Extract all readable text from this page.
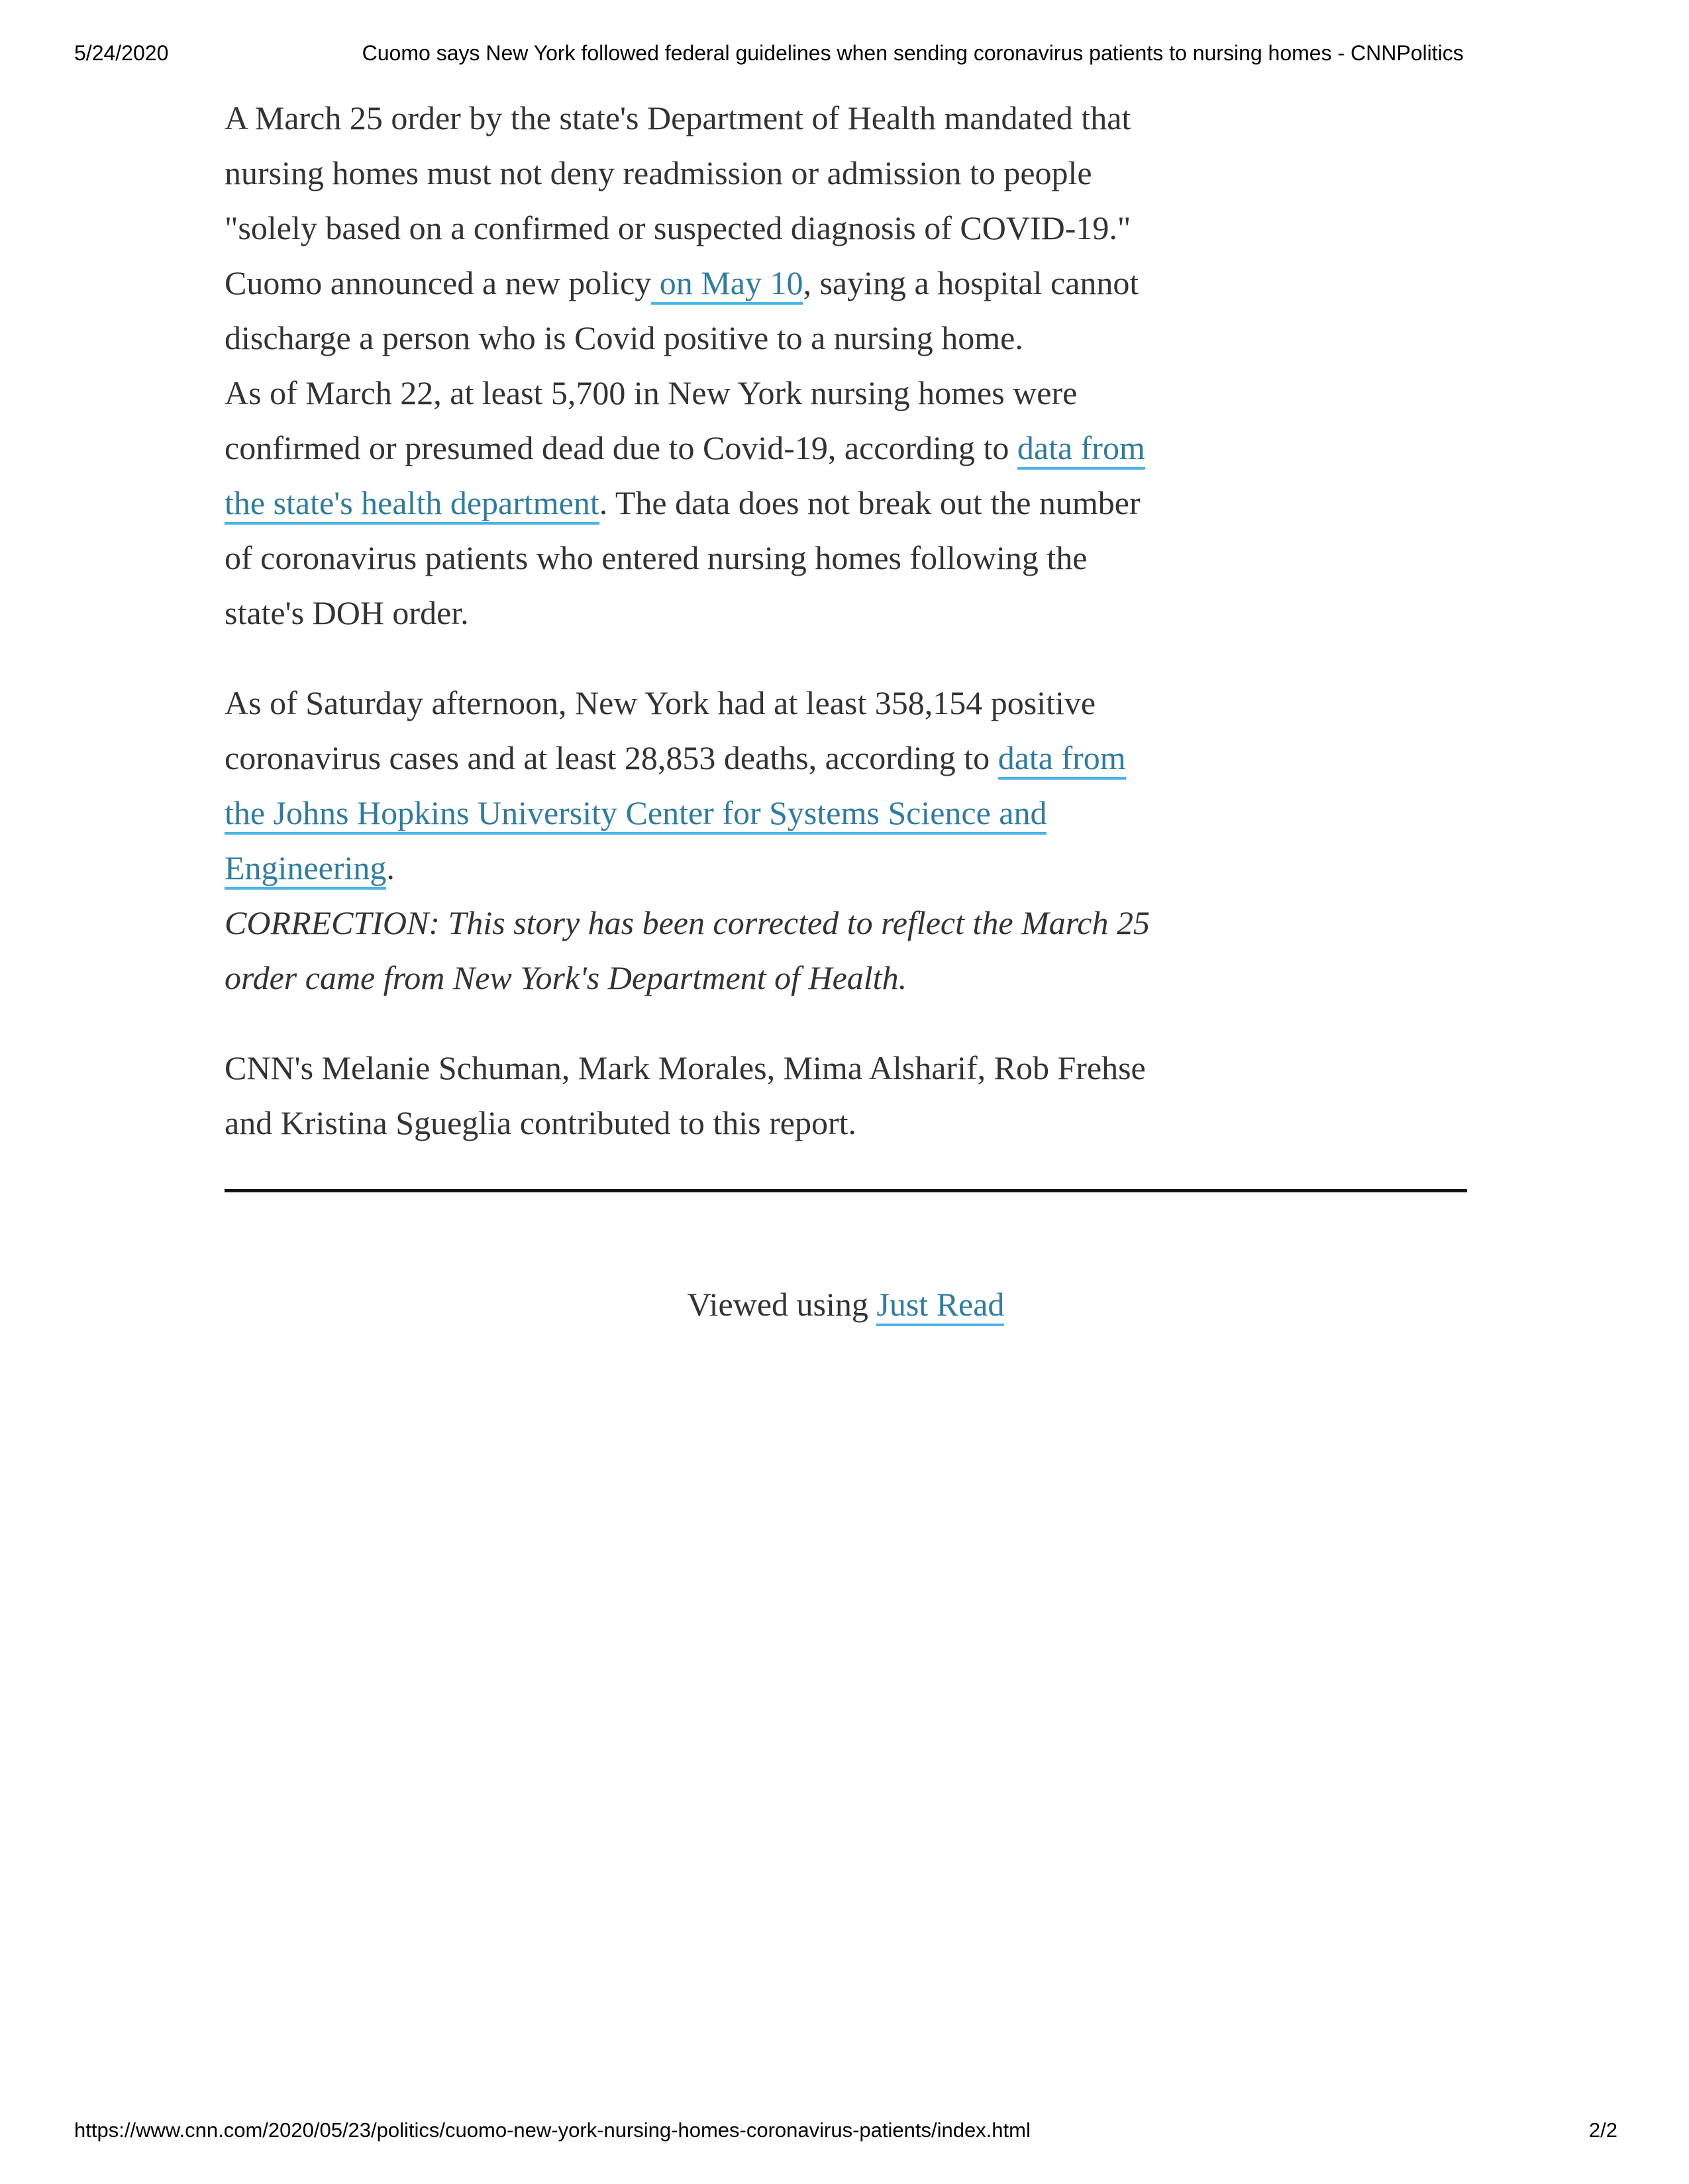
5/24/2020	Cuomo says New York followed federal guidelines when sending coronavirus patients to nursing homes - CNNPolitics

A March 25 order by the state's Department of Health mandated that
nursing homes must not deny readmission or admission to people
"solely based on a confirmed or suspected diagnosis of COVID-19."
Cuomo announced a new policy on May 10, saying a hospital cannot
discharge a person who is Covid positive to a nursing home.
As of March 22, at least 5,700 in New York nursing homes were
confirmed or presumed dead due to Covid-19, according to data from
the state's health department. The data does not break out the number
of coronavirus patients who entered nursing homes following the
state's DOH order.

As of Saturday afternoon, New York had at least 358,154 positive
coronavirus cases and at least 28,853 deaths, according to data from
the Johns Hopkins University Center for Systems Science and
Engineering.
CORRECTION: This story has been corrected to reflect the March 25
order came from New York's Department of Health.

CNN's Melanie Schuman, Mark Morales, Mima Alsharif, Rob Frehse
and Kristina Sgueglia contributed to this report.

Viewed using Just Read
https://www.cnn.com/2020/05/23/politics/cuomo-new-york-nursing-homes-coronavirus-patients/index.html	2/2
